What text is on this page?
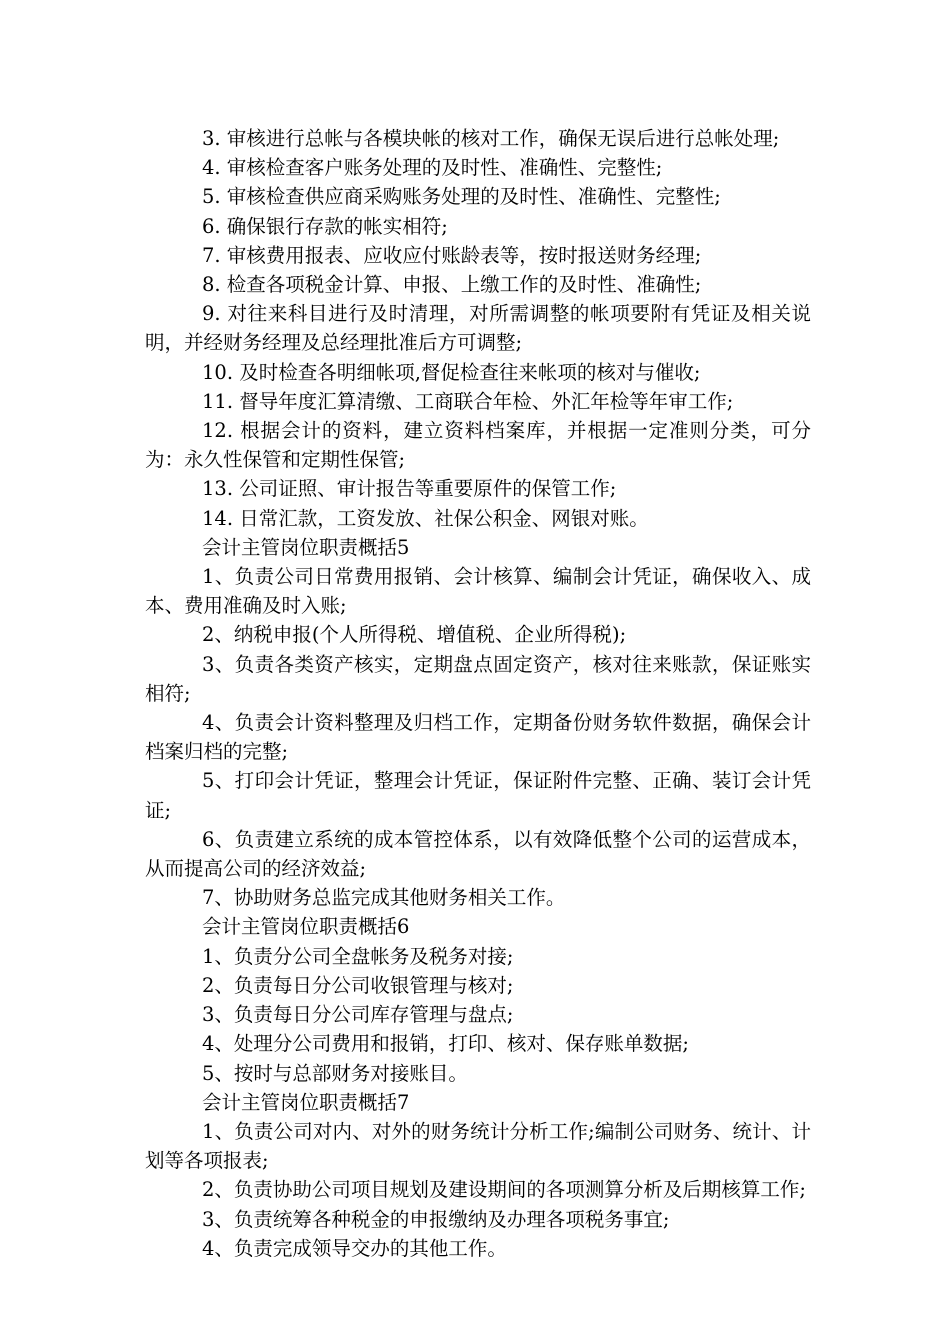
3. 审核进行总帐与各模块帐的核对工作，确保无误后进行总帐处理;

4. 审核检查客户账务处理的及时性、准确性、完整性;

5. 审核检查供应商采购账务处理的及时性、准确性、完整性;

6. 确保银行存款的帐实相符;

7. 审核费用报表、应收应付账龄表等，按时报送财务经理;

8. 检查各项税金计算、申报、上缴工作的及时性、准确性;

9. 对往来科目进行及时清理，对所需调整的帐项要附有凭证及相关说明，并经财务经理及总经理批准后方可调整;

10. 及时检查各明细帐项,督促检查往来帐项的核对与催收;

11. 督导年度汇算清缴、工商联合年检、外汇年检等年审工作;

12. 根据会计的资料，建立资料档案库，并根据一定准则分类，可分为：永久性保管和定期性保管;

13. 公司证照、审计报告等重要原件的保管工作;

14. 日常汇款，工资发放、社保公积金、网银对账。

会计主管岗位职责概括5

1、负责公司日常费用报销、会计核算、编制会计凭证，确保收入、成本、费用准确及时入账;

2、纳税申报(个人所得税、增值税、企业所得税);

3、负责各类资产核实，定期盘点固定资产，核对往来账款，保证账实相符;

4、负责会计资料整理及归档工作，定期备份财务软件数据，确保会计档案归档的完整;

5、打印会计凭证，整理会计凭证，保证附件完整、正确、装订会计凭证;

6、负责建立系统的成本管控体系，以有效降低整个公司的运营成本，从而提高公司的经济效益;

7、协助财务总监完成其他财务相关工作。

会计主管岗位职责概括6

1、负责分公司全盘帐务及税务对接;

2、负责每日分公司收银管理与核对;

3、负责每日分公司库存管理与盘点;

4、处理分公司费用和报销，打印、核对、保存账单数据;

5、按时与总部财务对接账目。

会计主管岗位职责概括7

1、负责公司对内、对外的财务统计分析工作;编制公司财务、统计、计划等各项报表;

2、负责协助公司项目规划及建设期间的各项测算分析及后期核算工作;

3、负责统筹各种税金的申报缴纳及办理各项税务事宜;

4、负责完成领导交办的其他工作。
